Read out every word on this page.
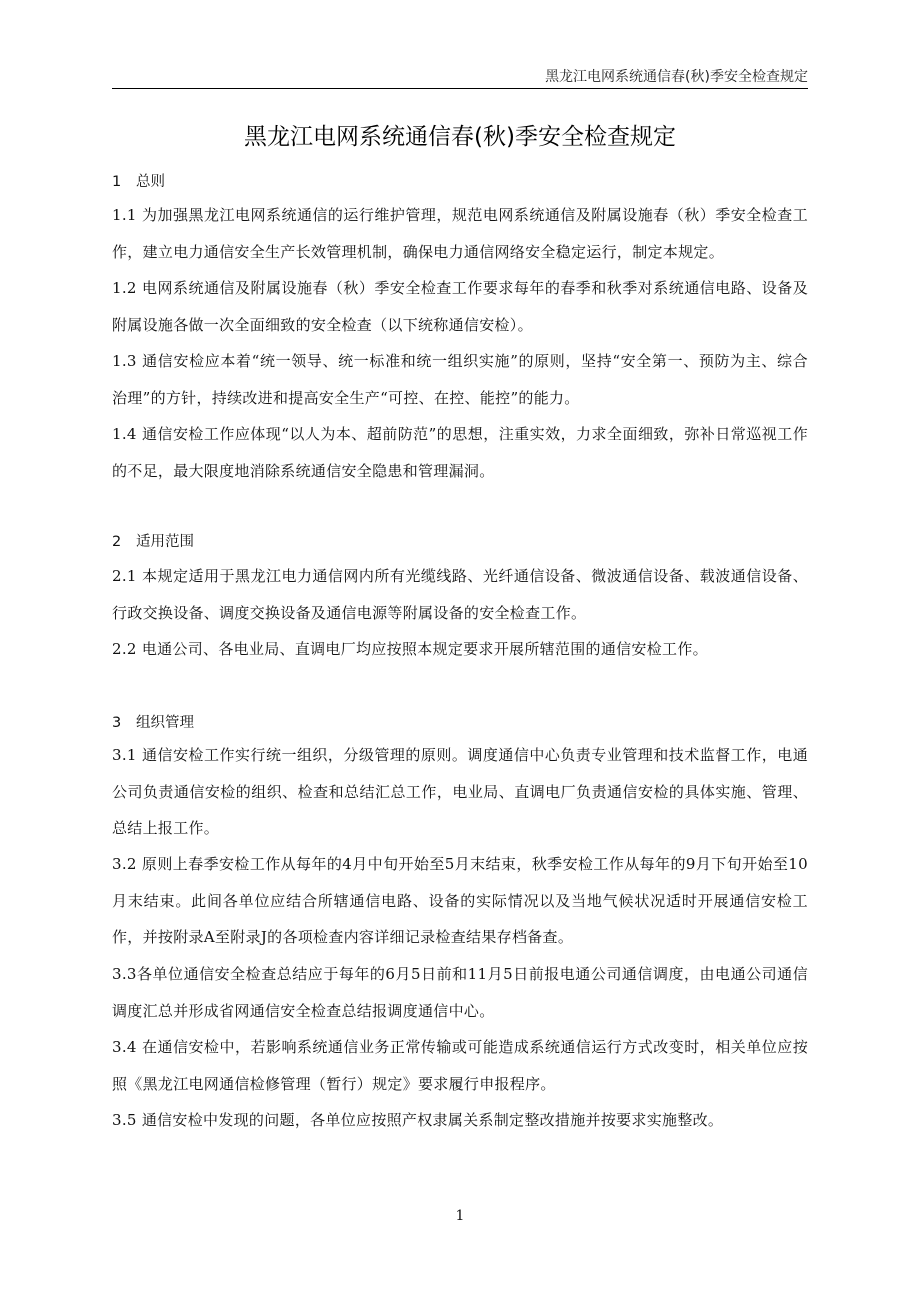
黑龙江电网系统通信春(秋)季安全检查规定
黑龙江电网系统通信春(秋)季安全检查规定
1 总则
1.1 为加强黑龙江电网系统通信的运行维护管理，规范电网系统通信及附属设施春（秋）季安全检查工作，建立电力通信安全生产长效管理机制，确保电力通信网络安全稳定运行，制定本规定。
1.2 电网系统通信及附属设施春（秋）季安全检查工作要求每年的春季和秋季对系统通信电路、设备及附属设施各做一次全面细致的安全检查（以下统称通信安检）。
1.3 通信安检应本着“统一领导、统一标准和统一组织实施”的原则，坚持“安全第一、预防为主、综合治理”的方针，持续改进和提高安全生产“可控、在控、能控”的能力。
1.4 通信安检工作应体现“以人为本、超前防范”的思想，注重实效，力求全面细致，弥补日常巡视工作的不足，最大限度地消除系统通信安全隐患和管理漏洞。
2 适用范围
2.1 本规定适用于黑龙江电力通信网内所有光缆线路、光纤通信设备、微波通信设备、载波通信设备、行政交换设备、调度交换设备及通信电源等附属设备的安全检查工作。
2.2 电通公司、各电业局、直调电厂均应按照本规定要求开展所辖范围的通信安检工作。
3 组织管理
3.1 通信安检工作实行统一组织，分级管理的原则。调度通信中心负责专业管理和技术监督工作，电通公司负责通信安检的组织、检查和总结汇总工作，电业局、直调电厂负责通信安检的具体实施、管理、总结上报工作。
3.2 原则上春季安检工作从每年的4月中旬开始至5月末结束，秋季安检工作从每年的9月下旬开始至10月末结束。此间各单位应结合所辖通信电路、设备的实际情况以及当地气候状况适时开展通信安检工作，并按附录A至附录J的各项检查内容详细记录检查结果存档备查。
3.3各单位通信安全检查总结应于每年的6月5日前和11月5日前报电通公司通信调度，由电通公司通信调度汇总并形成省网通信安全检查总结报调度通信中心。
3.4 在通信安检中，若影响系统通信业务正常传输或可能造成系统通信运行方式改变时，相关单位应按照《黑龙江电网通信检修管理（暂行）规定》要求履行申报程序。
3.5 通信安检中发现的问题，各单位应按照产权隶属关系制定整改措施并按要求实施整改。
1
